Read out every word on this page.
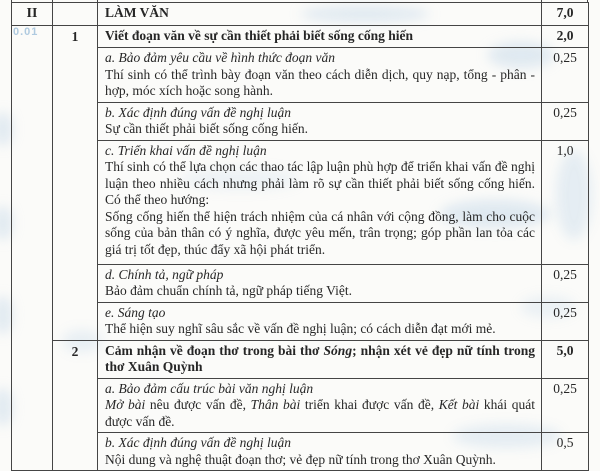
0.01
II		LÀM VĂN	7,0
	1	Viết đoạn văn về sự cần thiết phải biết sống cống hiến	2,0

		a. Bảo đảm yêu cầu về hình thức đoạn văn
Thí sinh có thể trình bày đoạn văn theo cách diễn dịch, quy nạp, tổng - phân - hợp, móc xích hoặc song hành.	0,25

		b. Xác định đúng vấn đề nghị luận
Sự cần thiết phải biết sống cống hiến.	0,25

		c. Triển khai vấn đề nghị luận
Thí sinh có thể lựa chọn các thao tác lập luận phù hợp để triển khai vấn đề nghị luận theo nhiều cách nhưng phải làm rõ sự cần thiết phải biết sống cống hiến. Có thể theo hướng:
Sống cống hiến thể hiện trách nhiệm của cá nhân với cộng đồng, làm cho cuộc sống của bản thân có ý nghĩa, được yêu mến, trân trọng; góp phần lan tỏa các giá trị tốt đẹp, thúc đẩy xã hội phát triển.	1,0

		d. Chính tả, ngữ pháp
Bảo đảm chuẩn chính tả, ngữ pháp tiếng Việt.	0,25

		e. Sáng tạo
Thể hiện suy nghĩ sâu sắc về vấn đề nghị luận; có cách diễn đạt mới mẻ.	0,25
	2	Cảm nhận về đoạn thơ trong bài thơ Sóng; nhận xét vẻ đẹp nữ tính trong thơ Xuân Quỳnh	5,0

		a. Bảo đảm cấu trúc bài văn nghị luận
Mở bài nêu được vấn đề, Thân bài triển khai được vấn đề, Kết bài khái quát được vấn đề.	0,25

		b. Xác định đúng vấn đề nghị luận
Nội dung và nghệ thuật đoạn thơ; vẻ đẹp nữ tính trong thơ Xuân Quỳnh.	0,5
